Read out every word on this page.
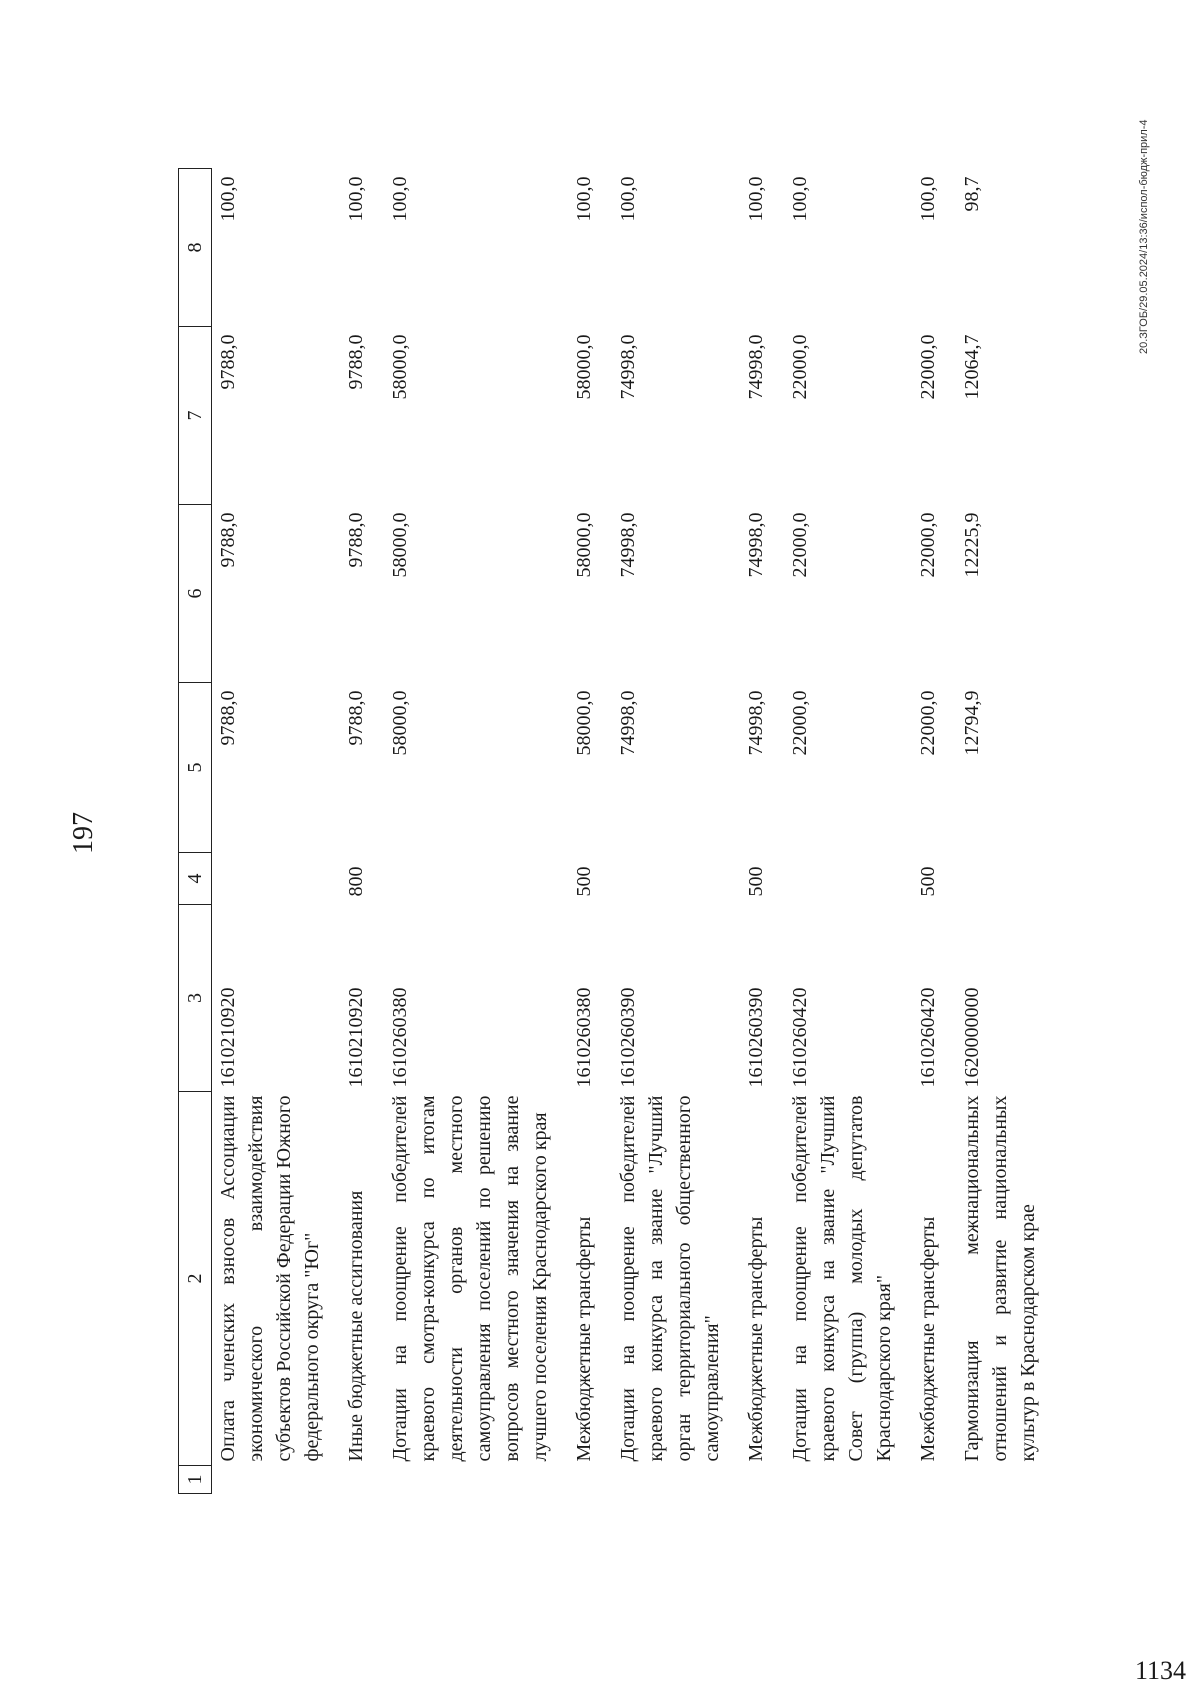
197
1	2	3	4	5	6	7	8
	Оплата членских взносов Ассоциации экономического взаимодействия субъектов Российской Федерации Южного федерального округа "Юг"	1610210920		9788,0	9788,0	9788,0	100,0
	Иные бюджетные ассигнования	1610210920	800	9788,0	9788,0	9788,0	100,0
	Дотации на поощрение победителей краевого смотра-конкурса по итогам деятельности органов местного самоуправления поселений по решению вопросов местного значения на звание лучшего поселения Краснодарского края	1610260380		58000,0	58000,0	58000,0	100,0
	Межбюджетные трансферты	1610260380	500	58000,0	58000,0	58000,0	100,0
	Дотации на поощрение победителей краевого конкурса на звание "Лучший орган территориального общественного самоуправления"	1610260390		74998,0	74998,0	74998,0	100,0
	Межбюджетные трансферты	1610260390	500	74998,0	74998,0	74998,0	100,0
	Дотации на поощрение победителей краевого конкурса на звание "Лучший Совет (группа) молодых депутатов Краснодарского края"	1610260420		22000,0	22000,0	22000,0	100,0
	Межбюджетные трансферты	1610260420	500	22000,0	22000,0	22000,0	100,0
	Гармонизация межнациональных отношений и развитие национальных культур в Краснодарском крае	1620000000		12794,9	12225,9	12064,7	98,7	20.ЗГОБ/29.05.2024/13:36/испол-бюдж-прил-4
1134
